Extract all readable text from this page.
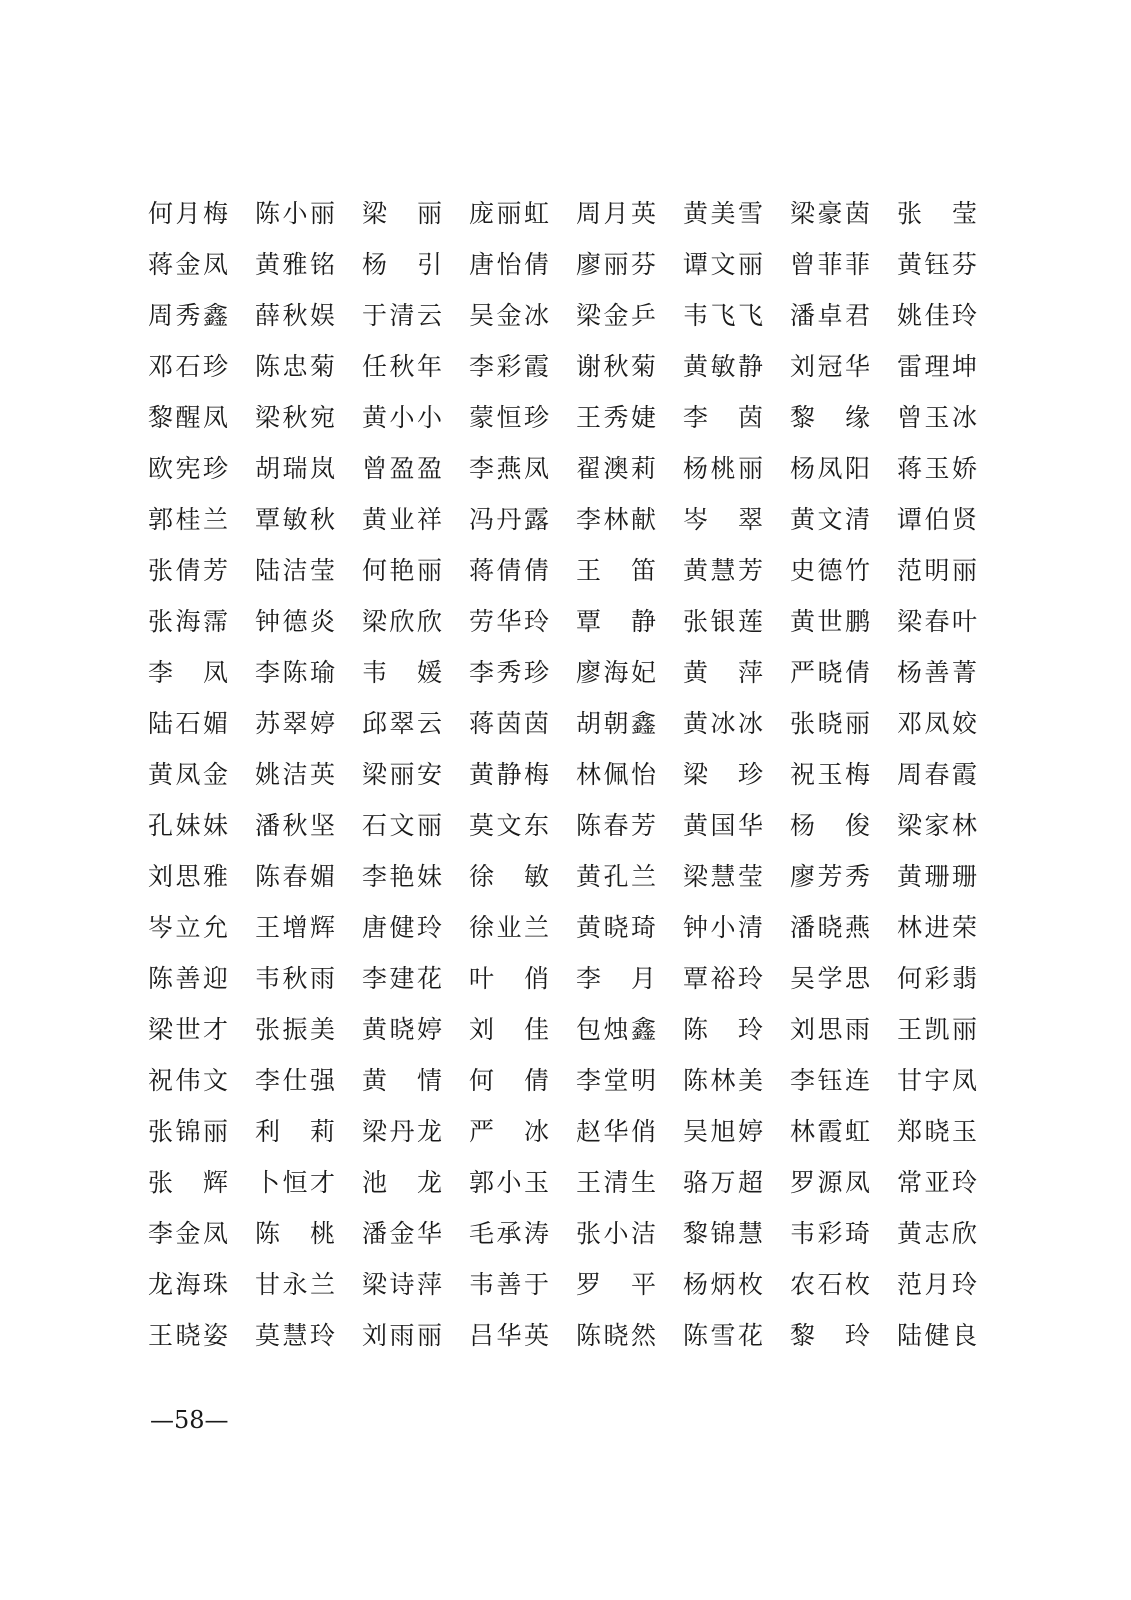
何 月 梅 陈 小 丽 梁 丽 庞 丽 虹 周 月 英 黄 美 雪 梁 豪 茵 张 莹
蒋 金 凤 黄 雅 铭 杨 引 唐 怡 倩 廖 丽 芬 谭 文 丽 曾 菲 菲 黄 钰 芬
周 秀 鑫 薛 秋 娱 于 清 云 吴 金 冰 梁 金 乒 韦 飞 飞 潘 卓 君 姚 佳 玲
邓 石 珍 陈 忠 菊 任 秋 年 李 彩 霞 谢 秋 菊 黄 敏 静 刘 冠 华 雷 理 坤
黎 醒 凤 梁 秋 宛 黄 小 小 蒙 恒 珍 王 秀 婕 李 茵 黎 缘 曾 玉 冰
欧 宪 珍 胡 瑞 岚 曾 盈 盈 李 燕 凤 翟 澳 莉 杨 桃 丽 杨 凤 阳 蒋 玉 娇
郭 桂 兰 覃 敏 秋 黄 业 祥 冯 丹 露 李 林 献 岑 翠 黄 文 清 谭 伯 贤
张 倩 芳 陆 洁 莹 何 艳 丽 蒋 倩 倩 王 笛 黄 慧 芳 史 德 竹 范 明 丽
张 海 霈 钟 德 炎 梁 欣 欣 劳 华 玲 覃 静 张 银 莲 黄 世 鹏 梁 春 叶
李 凤 李 陈 瑜 韦 媛 李 秀 珍 廖 海 妃 黄 萍 严 晓 倩 杨 善 菁
陆 石 媚 苏 翠 婷 邱 翠 云 蒋 茵 茵 胡 朝 鑫 黄 冰 冰 张 晓 丽 邓 凤 姣
黄 凤 金 姚 洁 英 梁 丽 安 黄 静 梅 林 佩 怡 梁 珍 祝 玉 梅 周 春 霞
孔 妹 妹 潘 秋 坚 石 文 丽 莫 文 东 陈 春 芳 黄 国 华 杨 俊 梁 家 林
刘 思 雅 陈 春 媚 李 艳 妹 徐 敏 黄 孔 兰 梁 慧 莹 廖 芳 秀 黄 珊 珊
岑 立 允 王 增 辉 唐 健 玲 徐 业 兰 黄 晓 琦 钟 小 清 潘 晓 燕 林 进 荣
陈 善 迎 韦 秋 雨 李 建 花 叶 俏 李 月 覃 裕 玲 吴 学 思 何 彩 翡
梁 世 才 张 振 美 黄 晓 婷 刘 佳 包 烛 鑫 陈 玲 刘 思 雨 王 凯 丽
祝 伟 文 李 仕 强 黄 情 何 倩 李 堂 明 陈 林 美 李 钰 连 甘 宇 凤
张 锦 丽 利 莉 梁 丹 龙 严 冰 赵 华 俏 吴 旭 婷 林 霞 虹 郑 晓 玉
张 辉 卜 恒 才 池 龙 郭 小 玉 王 清 生 骆 万 超 罗 源 凤 常 亚 玲
李 金 凤 陈 桃 潘 金 华 毛 承 涛 张 小 洁 黎 锦 慧 韦 彩 琦 黄 志 欣
龙 海 珠 甘 永 兰 梁 诗 萍 韦 善 于 罗 平 杨 炳 枚 农 石 枚 范 月 玲
王 晓 姿 莫 慧 玲 刘 雨 丽 吕 华 英 陈 晓 然 陈 雪 花 黎 玲 陆 健 良
—58—
